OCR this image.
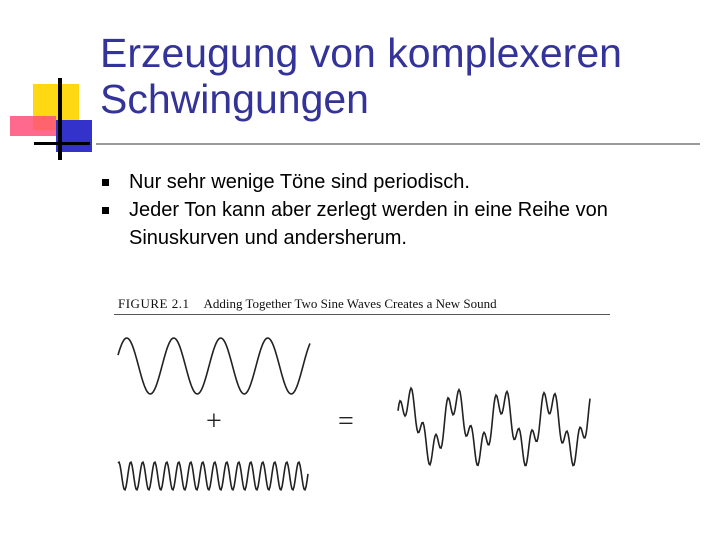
Erzeugung von komplexeren
Schwingungen
Nur sehr wenige Töne sind periodisch.
Jeder Ton kann aber zerlegt werden in eine Reihe von Sinuskurven und andersherum.
FIGURE 2.1 Adding Together Two Sine Waves Creates a New Sound
+	=
